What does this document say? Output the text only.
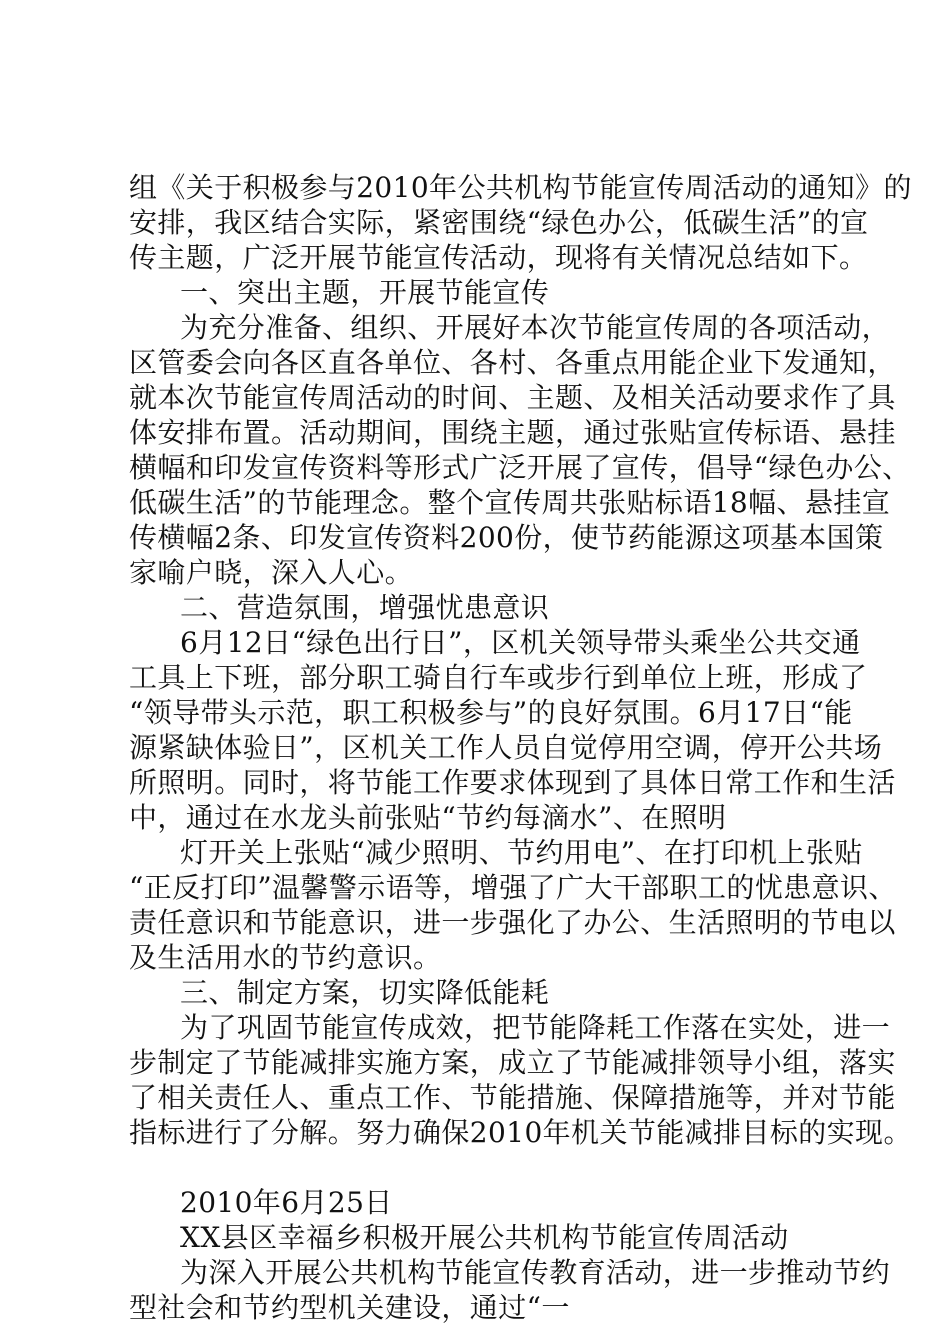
组《关于积极参与2010年公共机构节能宣传周活动的通知》的
安排，我区结合实际，紧密围绕“绿色办公，低碳生活”的宣
传主题，广泛开展节能宣传活动，现将有关情况总结如下。
一、突出主题，开展节能宣传
为充分准备、组织、开展好本次节能宣传周的各项活动，
区管委会向各区直各单位、各村、各重点用能企业下发通知，
就本次节能宣传周活动的时间、主题、及相关活动要求作了具
体安排布置。活动期间，围绕主题，通过张贴宣传标语、悬挂
横幅和印发宣传资料等形式广泛开展了宣传，倡导“绿色办公、
低碳生活”的节能理念。整个宣传周共张贴标语18幅、悬挂宣
传横幅2条、印发宣传资料200份，使节药能源这项基本国策
家喻户晓，深入人心。
二、营造氛围，增强忧患意识
6月12日“绿色出行日”，区机关领导带头乘坐公共交通
工具上下班，部分职工骑自行车或步行到单位上班，形成了
“领导带头示范，职工积极参与”的良好氛围。6月17日“能
源紧缺体验日”，区机关工作人员自觉停用空调，停开公共场
所照明。同时，将节能工作要求体现到了具体日常工作和生活
中，通过在水龙头前张贴“节约每滴水”、在照明
灯开关上张贴“减少照明、节约用电”、在打印机上张贴
“正反打印”温馨警示语等，增强了广大干部职工的忧患意识、
责任意识和节能意识，进一步强化了办公、生活照明的节电以
及生活用水的节约意识。
三、制定方案，切实降低能耗
为了巩固节能宣传成效，把节能降耗工作落在实处，进一
步制定了节能减排实施方案，成立了节能减排领导小组，落实
了相关责任人、重点工作、节能措施、保障措施等，并对节能
指标进行了分解。努力确保2010年机关节能减排目标的实现。
2010年6月25日
XX县区幸福乡积极开展公共机构节能宣传周活动
为深入开展公共机构节能宣传教育活动，进一步推动节约
型社会和节约型机关建设，通过“一
